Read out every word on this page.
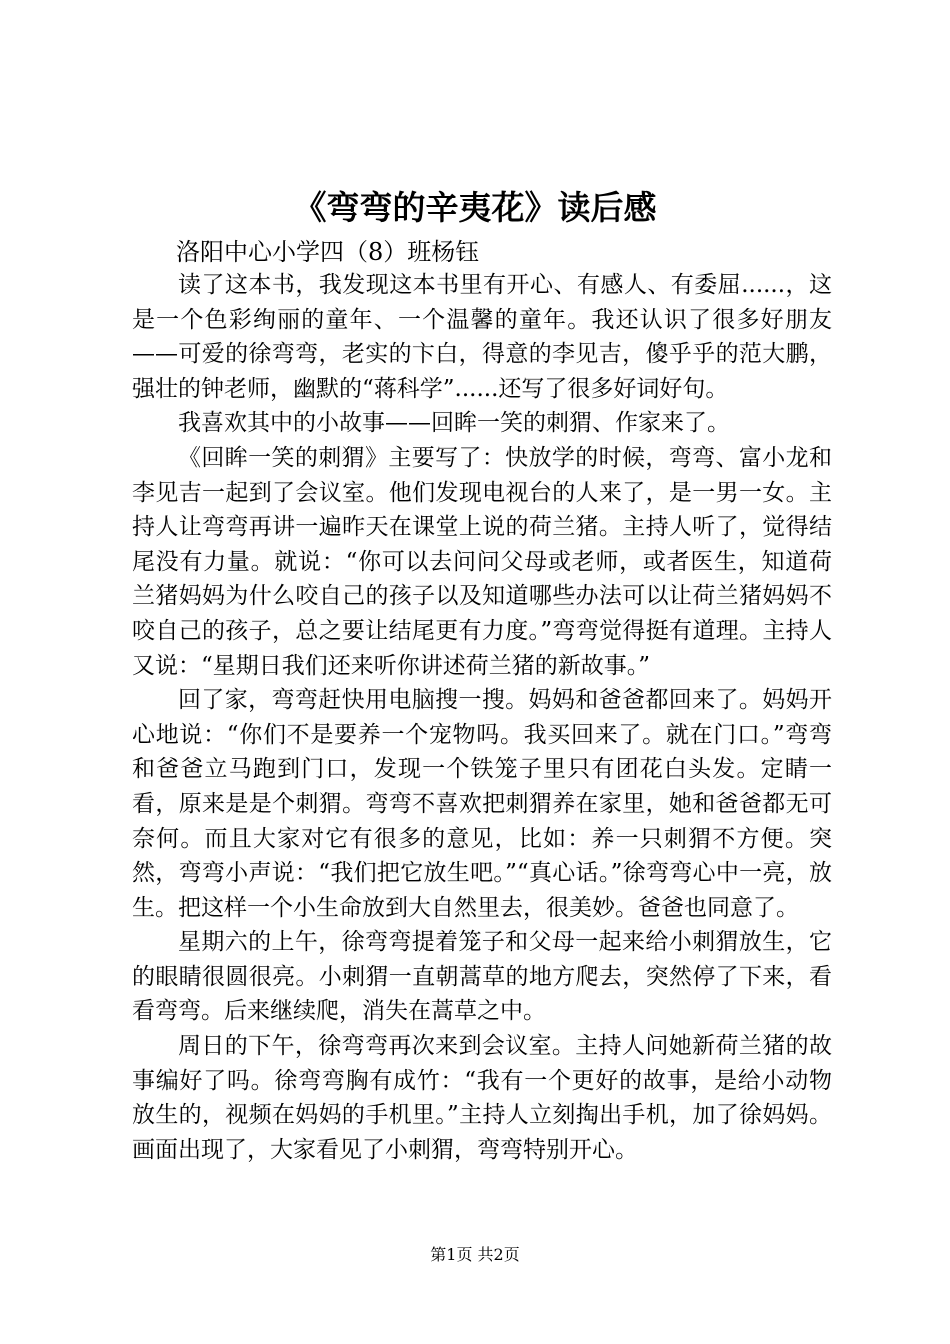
《弯弯的辛夷花》读后感

洛阳中心小学四（8）班杨钰

读了这本书，我发现这本书里有开心、有感人、有委屈......，这是一个色彩绚丽的童年、一个温馨的童年。我还认识了很多好朋友——可爱的徐弯弯，老实的卞白，得意的李见吉，傻乎乎的范大鹏，强壮的钟老师，幽默的“蒋科学”......还写了很多好词好句。

我喜欢其中的小故事——回眸一笑的刺猬、作家来了。

《回眸一笑的刺猬》主要写了：快放学的时候，弯弯、富小龙和李见吉一起到了会议室。他们发现电视台的人来了，是一男一女。主持人让弯弯再讲一遍昨天在课堂上说的荷兰猪。主持人听了，觉得结尾没有力量。就说：“你可以去问问父母或老师，或者医生，知道荷兰猪妈妈为什么咬自己的孩子以及知道哪些办法可以让荷兰猪妈妈不咬自己的孩子，总之要让结尾更有力度。”弯弯觉得挺有道理。主持人又说：“星期日我们还来听你讲述荷兰猪的新故事。”

回了家，弯弯赶快用电脑搜一搜。妈妈和爸爸都回来了。妈妈开心地说：“你们不是要养一个宠物吗。我买回来了。就在门口。”弯弯和爸爸立马跑到门口，发现一个铁笼子里只有团花白头发。定睛一看，原来是是个刺猬。弯弯不喜欢把刺猬养在家里，她和爸爸都无可奈何。而且大家对它有很多的意见，比如：养一只刺猬不方便。突然，弯弯小声说：“我们把它放生吧。”“真心话。”徐弯弯心中一亮，放生。把这样一个小生命放到大自然里去，很美妙。爸爸也同意了。

星期六的上午，徐弯弯提着笼子和父母一起来给小刺猬放生，它的眼睛很圆很亮。小刺猬一直朝蒿草的地方爬去，突然停了下来，看看弯弯。后来继续爬，消失在蒿草之中。

周日的下午，徐弯弯再次来到会议室。主持人问她新荷兰猪的故事编好了吗。徐弯弯胸有成竹：“我有一个更好的故事，是给小动物放生的，视频在妈妈的手机里。”主持人立刻掏出手机，加了徐妈妈。画面出现了，大家看见了小刺猬，弯弯特别开心。

第1页 共2页
